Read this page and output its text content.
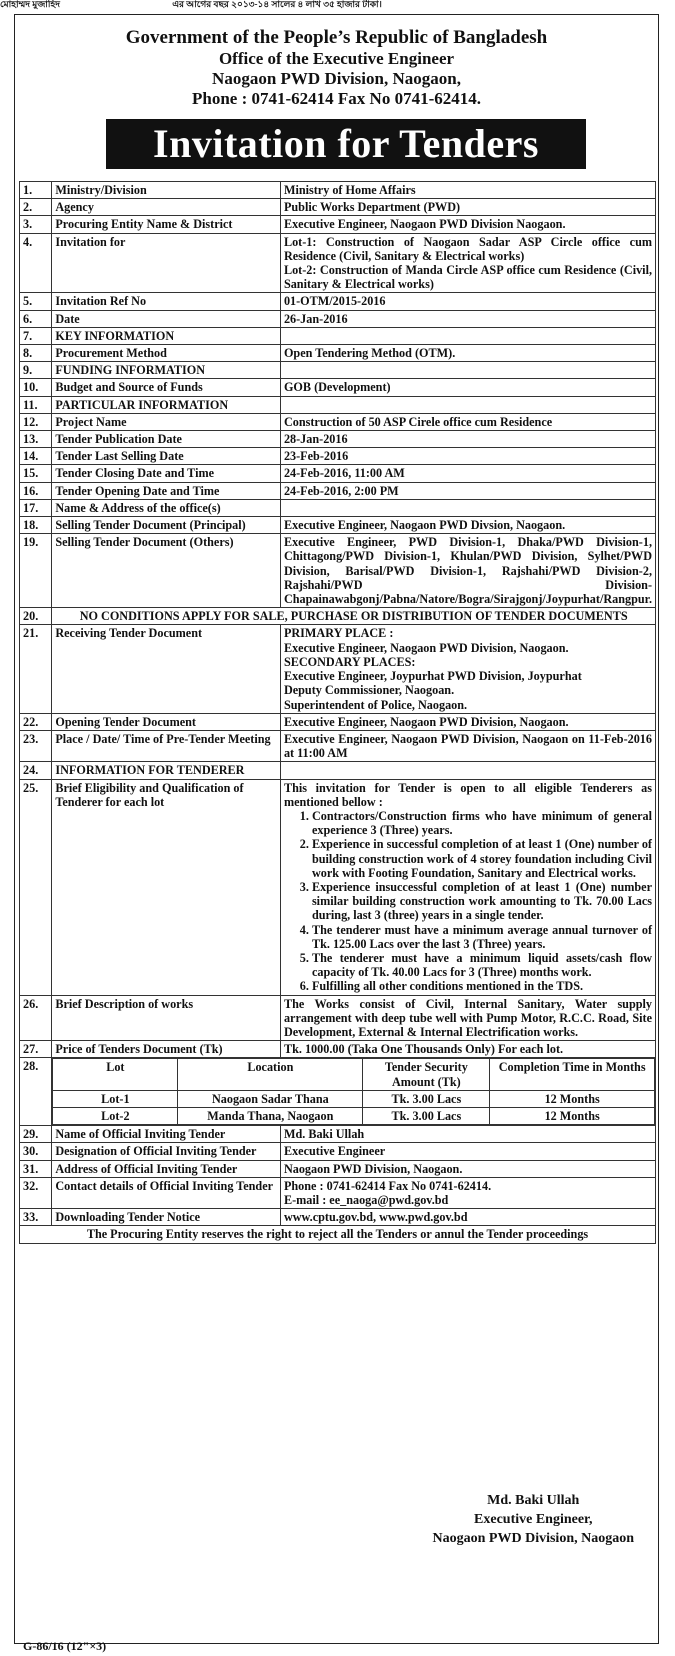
মোহাম্মদ মুজাহিদ	এর আগের বছর ২০১৩-১৪ সালের ৪ লাখ ৩৫ হাজার টাকা।
Government of the People’s Republic of Bangladesh
Office of the Executive Engineer
Naogaon PWD Division, Naogaon,
Phone : 0741-62414 Fax No 0741-62414.
Invitation for Tenders
1.	Ministry/Division	Ministry of Home Affairs
2.	Agency	Public Works Department (PWD)
3.	Procuring Entity Name & District	Executive Engineer, Naogaon PWD Division Naogaon.
4.	Invitation for	Lot-1: Construction of Naogaon Sadar ASP Circle office cum Residence (Civil, Sanitary & Electrical works)
Lot-2: Construction of Manda Circle ASP office cum Residence (Civil, Sanitary & Electrical works)

5.	Invitation Ref No	01-OTM/2015-2016
6.	Date	26-Jan-2016
7.	KEY INFORMATION	
8.	Procurement Method	Open Tendering Method (OTM).
9.	FUNDING INFORMATION	
10.	Budget and Source of Funds	GOB (Development)
11.	PARTICULAR INFORMATION	
12.	Project Name	Construction of 50 ASP Cirele office cum Residence
13.	Tender Publication Date	28-Jan-2016
14.	Tender Last Selling Date	23-Feb-2016
15.	Tender Closing Date and Time	24-Feb-2016, 11:00 AM
16.	Tender Opening Date and Time	24-Feb-2016, 2:00 PM
17.	Name & Address of the office(s)	
18.	Selling Tender Document (Principal)	Executive Engineer, Naogaon PWD Divsion, Naogaon.
19.	Selling Tender Document (Others)	Executive Engineer, PWD Division-1, Dhaka/PWD Division-1, Chittagong/PWD Division-1, Khulan/PWD Division, Sylhet/PWD Division, Barisal/PWD Division-1, Rajshahi/PWD Division-2, Rajshahi/PWD Division-Chapainawabgonj/Pabna/Natore/Bogra/Sirajgonj/Joypurhat/Rangpur.
20.	NO CONDITIONS APPLY FOR SALE, PURCHASE OR DISTRIBUTION OF TENDER DOCUMENTS
21.	Receiving Tender Document	PRIMARY PLACE :
Executive Engineer, Naogaon PWD Division, Naogaon.
SECONDARY PLACES:
Executive Engineer, Joypurhat PWD Division, Joypurhat
Deputy Commissioner, Naogoan.
Superintendent of Police, Naogaon.

22.	Opening Tender Document	Executive Engineer, Naogaon PWD Division, Naogaon.
23.	Place / Date/ Time of Pre-Tender Meeting	Executive Engineer, Naogaon PWD Division, Naogaon on 11-Feb-2016 at 11:00 AM
24.	INFORMATION FOR TENDERER	
25.	Brief Eligibility and Qualification of Tenderer for each lot	
This invitation for Tender is open to all eligible Tenderers as mentioned bellow :
1. Contractors/Construction firms who have minimum of general experience 3 (Three) years.
2. Experience in successful completion of at least 1 (One) number of building construction work of 4 storey foundation including Civil work with Footing Foundation, Sanitary and Electrical works.
3. Experience insuccessful completion of at least 1 (One) number similar building construction work amounting to Tk. 70.00 Lacs during, last 3 (three) years in a single tender.
4. The tenderer must have a minimum average annual turnover of Tk. 125.00 Lacs over the last 3 (Three) years.
5. The tenderer must have a minimum liquid assets/cash flow capacity of Tk. 40.00 Lacs for 3 (Three) months work.
6. Fulfilling all other conditions mentioned in the TDS.

26.	Brief Description of works	The Works consist of Civil, Internal Sanitary, Water supply arrangement with deep tube well with Pump Motor, R.C.C. Road, Site Development, External & Internal Electrification works.
27.	Price of Tenders Document (Tk)	Tk. 1000.00 (Taka One Thousands Only) For each lot.
28.		Lot	Location	Tender Security Amount (Tk)	Completion Time in Months
Lot-1	Naogaon Sadar Thana	Tk. 3.00 Lacs	12 Months
Lot-2	Manda Thana, Naogaon	Tk. 3.00 Lacs	12 Months

29.	Name of Official Inviting Tender	Md. Baki Ullah
30.	Designation of Official Inviting Tender	Executive Engineer
31.	Address of Official Inviting Tender	Naogaon PWD Division, Naogaon.
32.	Contact details of Official Inviting Tender	Phone : 0741-62414 Fax No 0741-62414.
E-mail : ee_naoga@pwd.gov.bd

33.	Downloading Tender Notice	www.cptu.gov.bd, www.pwd.gov.bd
The Procuring Entity reserves the right to reject all the Tenders or annul the Tender proceedings
Md. Baki Ullah
Executive Engineer,
Naogaon PWD Division, Naogaon
G-86/16 (12"×3)
